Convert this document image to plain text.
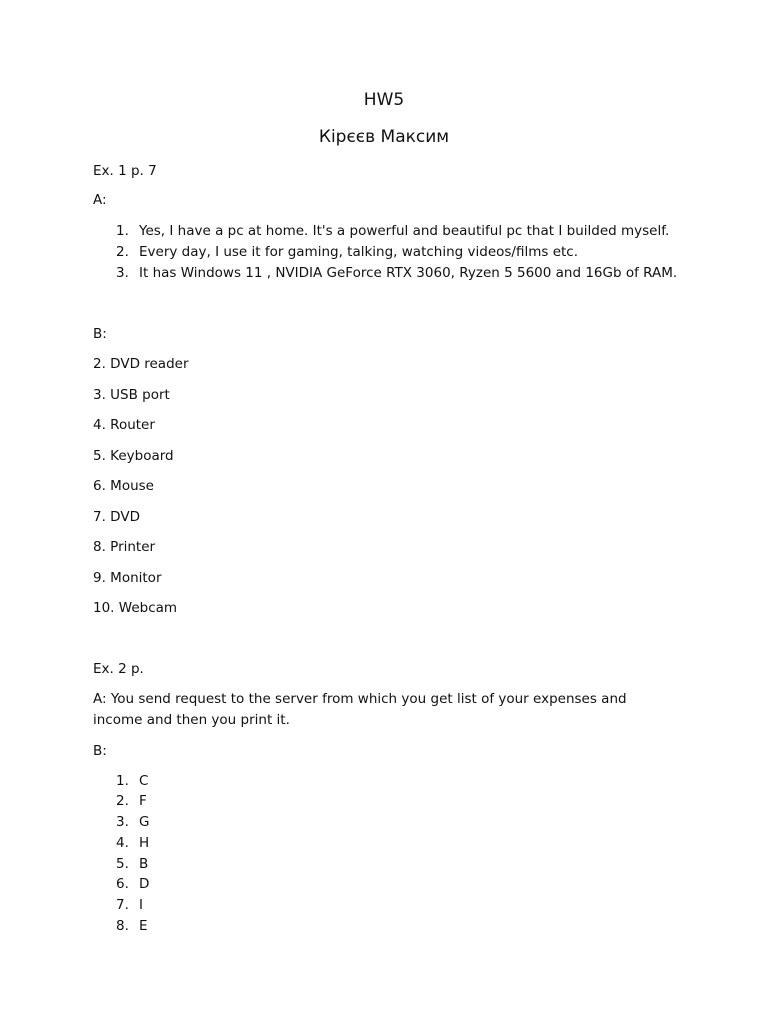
HW5
Кірєєв Максим
Ex. 1 p. 7
A:
1. Yes, I have a pc at home. It's a powerful and beautiful pc that I builded myself.
2. Every day, I use it for gaming, talking, watching videos/films etc.
3. It has Windows 11 , NVIDIA GeForce RTX 3060, Ryzen 5 5600 and 16Gb of RAM.
B:
2. DVD reader
3. USB port
4. Router
5. Keyboard
6. Mouse
7. DVD
8. Printer
9. Monitor
10. Webcam
Ex. 2 p.
A: You send request to the server from which you get list of your expenses and income and then you print it.
B:
1. C
2. F
3. G
4. H
5. B
6. D
7. I
8. E
